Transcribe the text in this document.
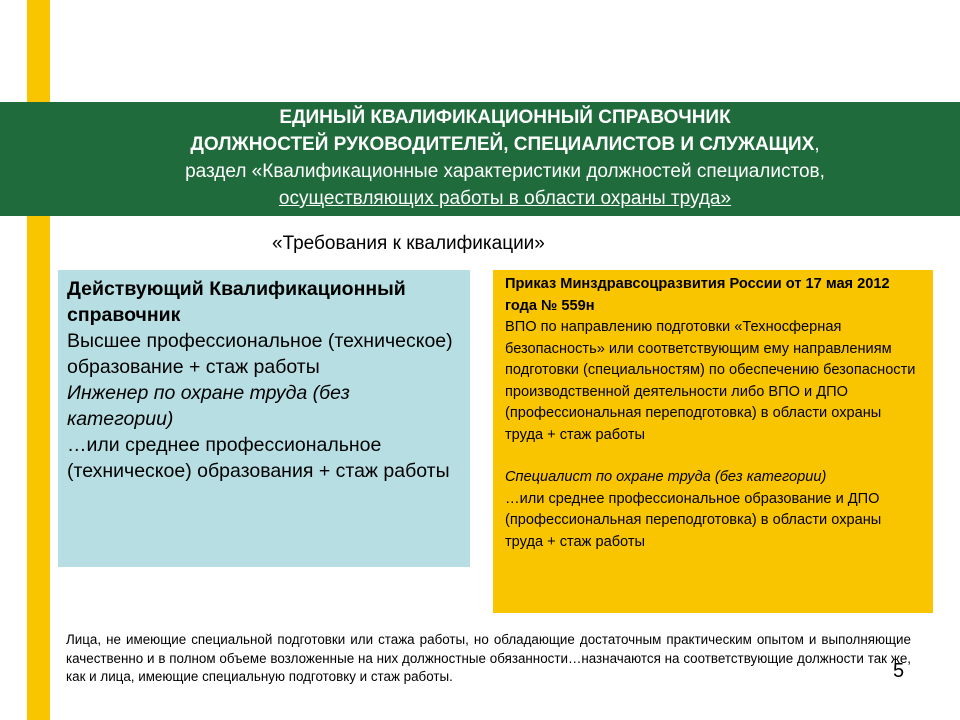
ЕДИНЫЙ КВАЛИФИКАЦИОННЫЙ СПРАВОЧНИК
ДОЛЖНОСТЕЙ РУКОВОДИТЕЛЕЙ, СПЕЦИАЛИСТОВ И СЛУЖАЩИХ,
раздел «Квалификационные характеристики должностей специалистов,
осуществляющих работы в области охраны труда»
«Требования к квалификации»
Действующий Квалификационный справочник
Высшее профессиональное (техническое) образование + стаж работы
Инженер по охране труда (без категории)
…или среднее профессиональное (техническое) образования + стаж работы
Приказ Минздравсоцразвития России от 17 мая 2012 года № 559н
ВПО по направлению подготовки «Техносферная безопасность» или соответствующим ему направлениям подготовки (специальностям) по обеспечению безопасности производственной деятельности либо ВПО и ДПО (профессиональная переподготовка) в области охраны труда + стаж работы
Специалист по охране труда (без категории)
…или среднее профессиональное образование и ДПО (профессиональная переподготовка) в области охраны труда + стаж работы
Лица, не имеющие специальной подготовки или стажа работы, но обладающие достаточным практическим опытом и выполняющие качественно и в полном объеме возложенные на них должностные обязанности…назначаются на соответствующие должности так же, как и лица, имеющие специальную подготовку и стаж работы.	5
